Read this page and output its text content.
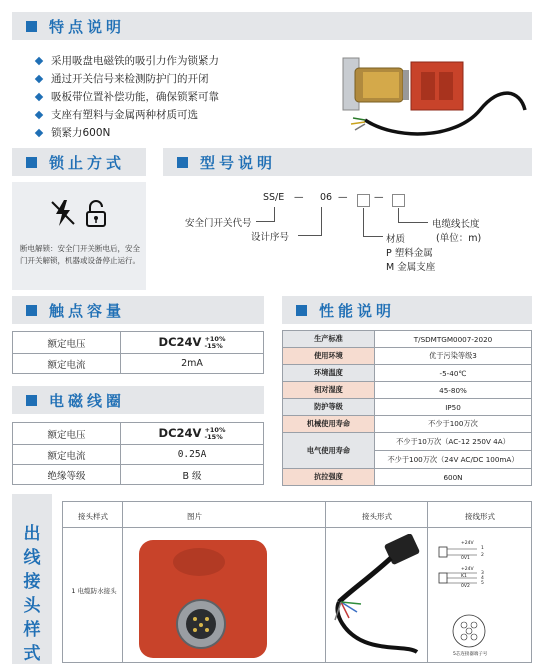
特点说明
采用吸盘电磁铁的吸引力作为锁紧力
通过开关信号来检测防护门的开闭
吸板带位置补偿功能，确保锁紧可靠
支座有塑料与金属两种材质可选
锁紧力600N
锁止方式
断电解锁：安全门开关断电后，安全门开关解锁，机器或设备停止运行。
型号说明
SS/E — 06 —	—
安全门开关代号
设计序号	材质
P 塑料金属
M 金属支座
电缆线长度
(单位：m)
触点容量
额定电压	DC24V +10%
-15%
额定电流	2mA
电磁线圈
额定电压	DC24V +10%
-15%
额定电流	0.25A
绝缘等级	B 级
性能说明
生产标准	T/SDMTGM0007-2020
使用环境	优于污染等级3
环境温度	-5-40℃
相对湿度	45-80%
防护等级	IP50
机械使用寿命	不少于100万次
电气使用寿命	不少于10万次（AC-12 250V 4A）
	不少于100万次（24V AC/DC 100mA）
抗拉强度	600N
出
线
接
头
样
式
接头样式	图片	接头形式	接线形式
1 电缆防水接头
+24V
1
0V1
2
+24V
3
K1	4
0V2
5
5芯连接器端子号
